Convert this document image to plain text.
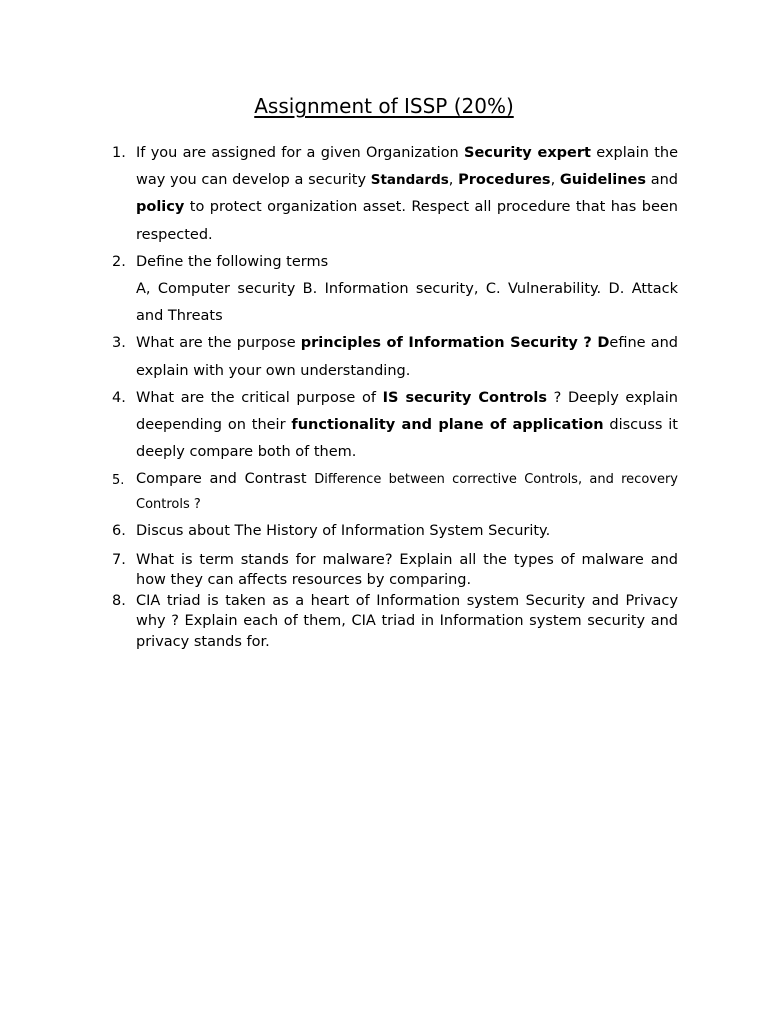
Assignment of ISSP (20%)
1. If you are assigned for a given Organization Security expert explain the way you can develop a security Standards, Procedures, Guidelines and policy to protect organization asset. Respect all procedure that has been respected.
2. Define the following terms
A, Computer security B. Information security, C. Vulnerability. D. Attack and Threats
3. What are the purpose principles of Information Security ? Define and explain with your own understanding.
4. What are the critical purpose of IS security Controls ? Deeply explain deepending on their functionality and plane of application discuss it deeply compare both of them.
5. Compare and Contrast Difference between corrective Controls, and recovery Controls ?
6. Discus about The History of Information System Security.
7. What is term stands for malware? Explain all the types of malware and how they can affects resources by comparing.
8. CIA triad is taken as a heart of Information system Security and Privacy why ? Explain each of them, CIA triad in Information system security and privacy stands for.
